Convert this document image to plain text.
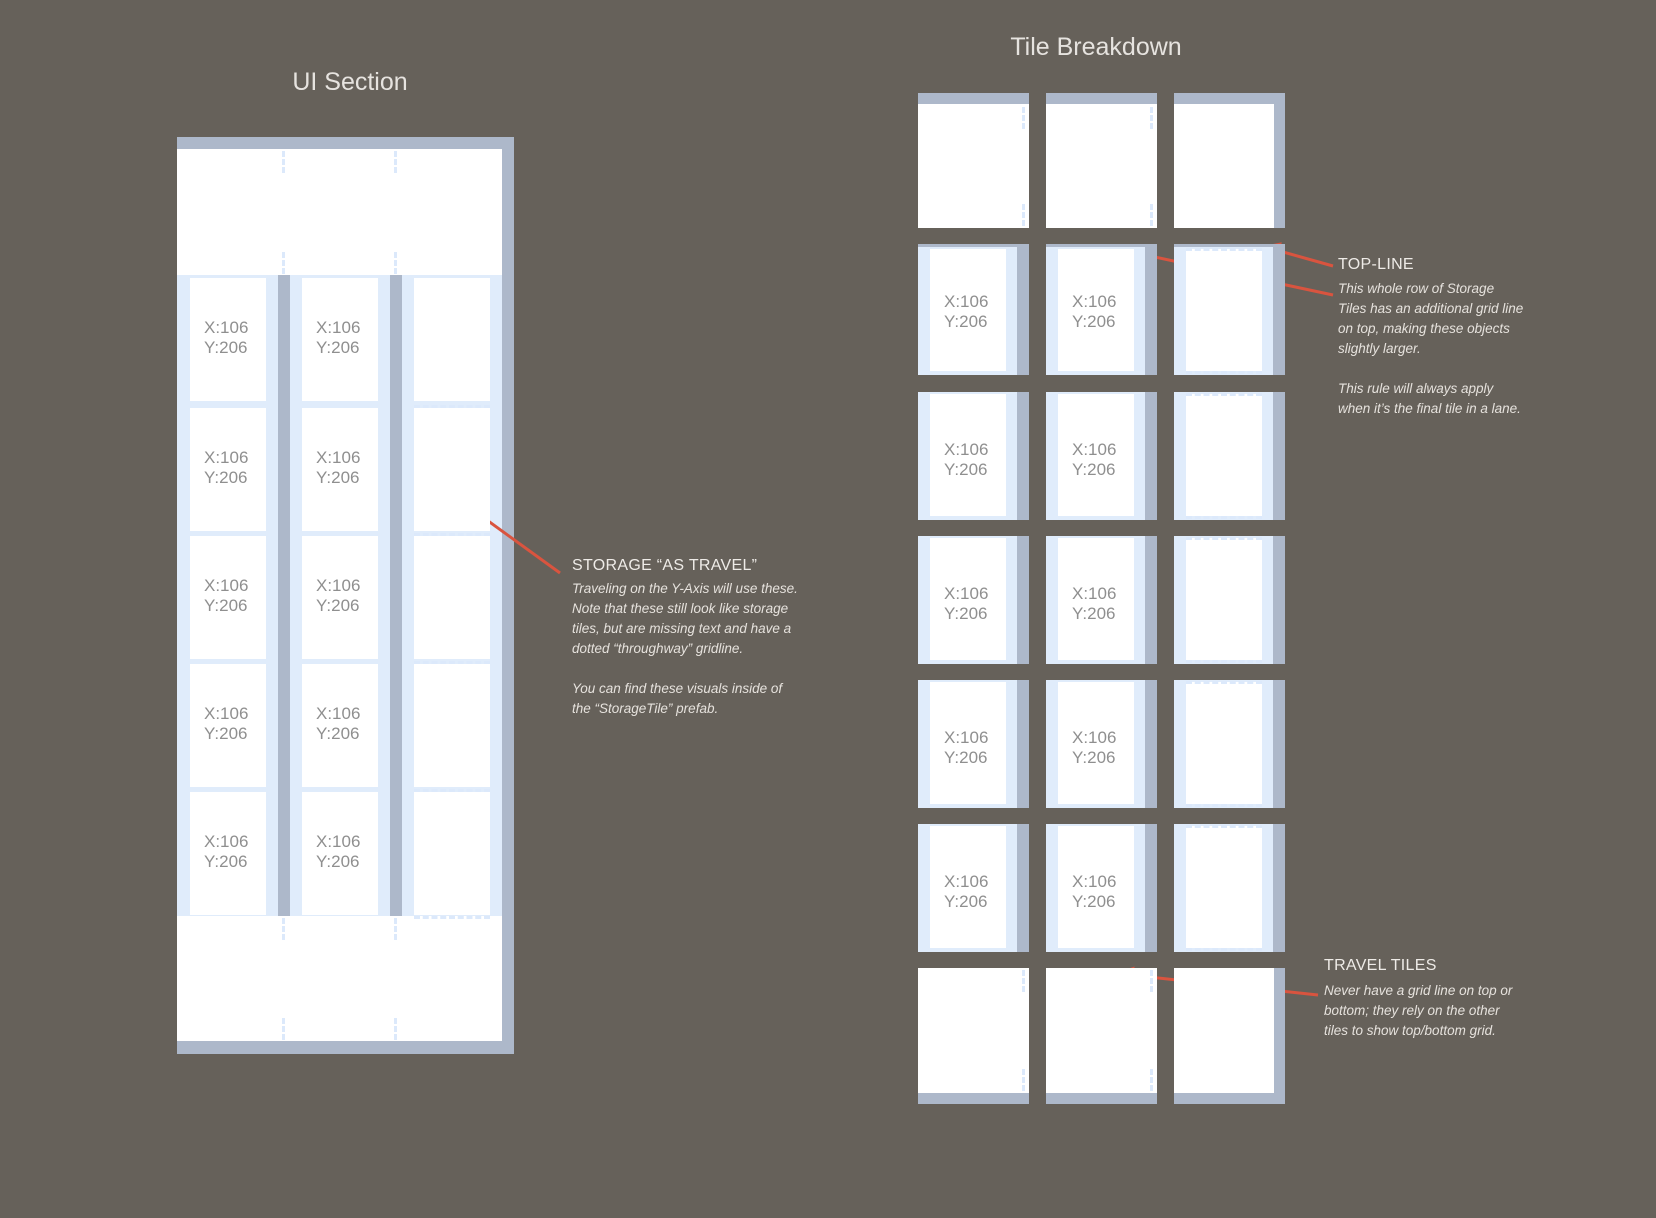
UI Section
Tile Breakdown
STORAGE “AS TRAVEL”
Traveling on the Y-Axis will use these.
Note that these still look like storage
tiles, but are missing text and have a
dotted “throughway” gridline.

You can find these visuals inside of
the “StorageTile” prefab.
TOP-LINE
This whole row of Storage
Tiles has an additional grid line
on top, making these objects
slightly larger.

This rule will always apply
when it’s the final tile in a lane.
TRAVEL TILES
Never have a grid line on top or
bottom; they rely on the other
tiles to show top/bottom grid.
X:106
Y:206
X:106
Y:206
X:106
Y:206
X:106
Y:206
X:106
Y:206
X:106
Y:206
X:106
Y:206
X:106
Y:206
X:106
Y:206
X:106
Y:206
X:106
Y:206
X:106
Y:206
X:106
Y:206
X:106
Y:206
X:106
Y:206
X:106
Y:206
X:106
Y:206
X:106
Y:206
X:106
Y:206
X:106
Y:206
